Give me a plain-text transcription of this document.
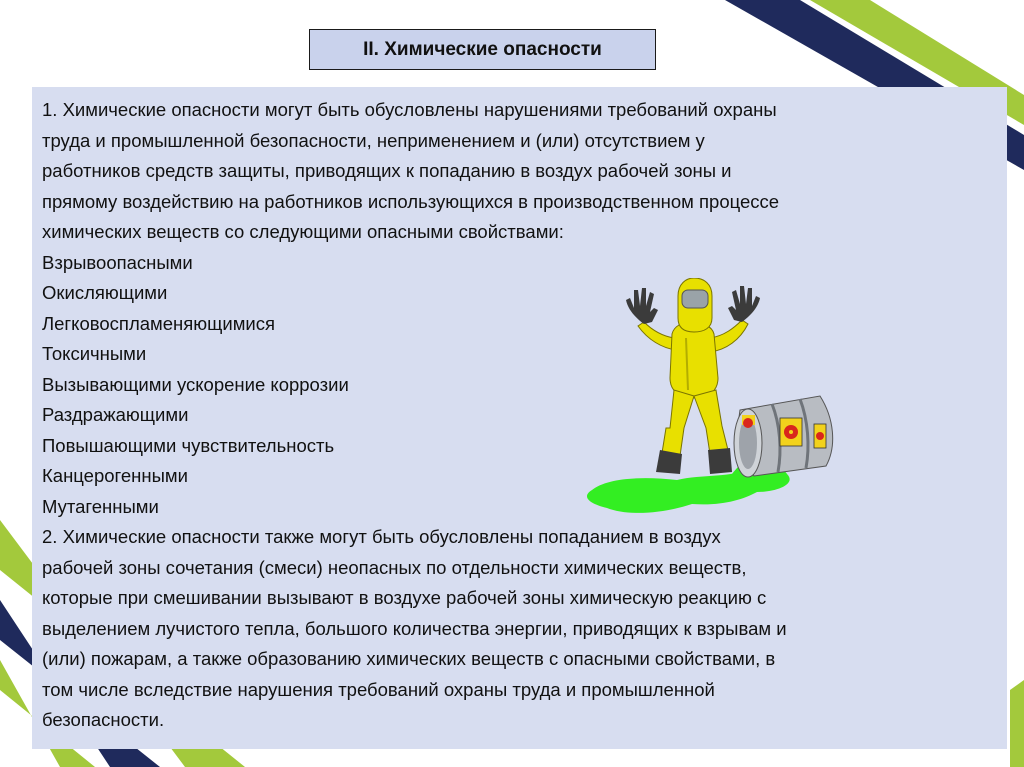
II. Химические опасности
1. Химические опасности могут быть обусловлены нарушениями требований охраны
труда и промышленной безопасности, неприменением и (или) отсутствием у
работников средств защиты, приводящих к попаданию в воздух рабочей зоны и
прямому воздействию на работников использующихся в производственном процессе
химических веществ со следующими опасными свойствами:
Взрывоопасными
Окисляющими
Легковоспламеняющимися
Токсичными
Вызывающими ускорение коррозии
Раздражающими
Повышающими чувствительность
Канцерогенными
Мутагенными
2. Химические опасности также могут быть обусловлены попаданием в воздух
рабочей зоны сочетания (смеси) неопасных по отдельности химических веществ,
которые при смешивании вызывают в воздухе рабочей зоны химическую реакцию с
выделением лучистого тепла, большого количества энергии, приводящих к взрывам и
(или) пожарам, а также образованию химических веществ с опасными свойствами, в
том числе вследствие нарушения требований охраны труда и промышленной
безопасности.
